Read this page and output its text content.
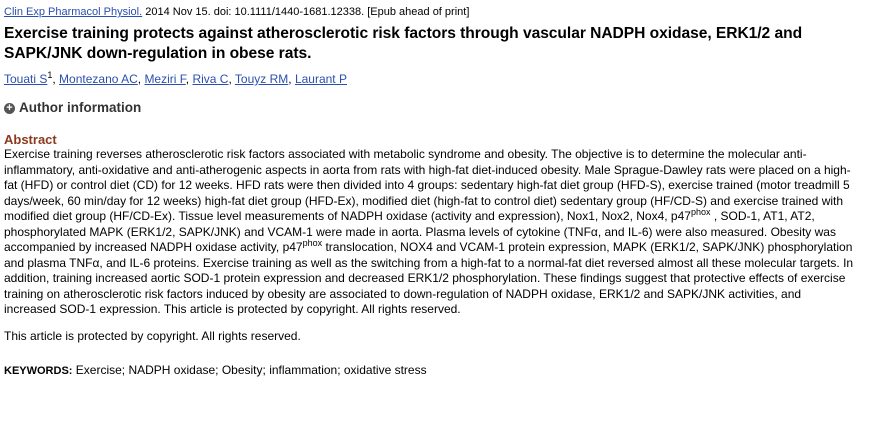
Clin Exp Pharmacol Physiol. 2014 Nov 15. doi: 10.1111/1440-1681.12338. [Epub ahead of print]
Exercise training protects against atherosclerotic risk factors through vascular NADPH oxidase, ERK1/2 and SAPK/JNK down-regulation in obese rats.
Touati $S^1$, Montezano AC, Meziri F, Riva C, Touyz RM, Laurant P
+ Author information
Abstract
Exercise training reverses atherosclerotic risk factors associated with metabolic syndrome and obesity. The objective is to determine the molecular anti-inflammatory, anti-oxidative and anti-atherogenic aspects in aorta from rats with high-fat diet-induced obesity. Male Sprague-Dawley rats were placed on a high-fat (HFD) or control diet (CD) for 12 weeks. HFD rats were then divided into 4 groups: sedentary high-fat diet group (HFD-S), exercise trained (motor treadmill 5 days/week, 60 min/day for 12 weeks) high-fat diet group (HFD-Ex), modified diet (high-fat to control diet) sedentary group (HF/CD-S) and exercise trained with modified diet group (HF/CD-Ex). Tissue level measurements of NADPH oxidase (activity and expression), Nox1, Nox2, Nox4, $p47^{phox}$ , SOD-1, AT1, AT2, phosphorylated MAPK (ERK1/2, SAPK/JNK) and VCAM-1 were made in aorta. Plasma levels of cytokine (TNFα, and IL-6) were also measured. Obesity was accompanied by increased NADPH oxidase activity, $p47^{phox}$ translocation, NOX4 and VCAM-1 protein expression, MAPK (ERK1/2, SAPK/JNK) phosphorylation and plasma TNFα, and IL-6 proteins. Exercise training as well as the switching from a high-fat to a normal-fat diet reversed almost all these molecular targets. In addition, training increased aortic SOD-1 protein expression and decreased ERK1/2 phosphorylation. These findings suggest that protective effects of exercise training on atherosclerotic risk factors induced by obesity are associated to down-regulation of NADPH oxidase, ERK1/2 and SAPK/JNK activities, and increased SOD-1 expression. This article is protected by copyright. All rights reserved.
This article is protected by copyright. All rights reserved.
KEYWORDS: Exercise; NADPH oxidase; Obesity; inflammation; oxidative stress
